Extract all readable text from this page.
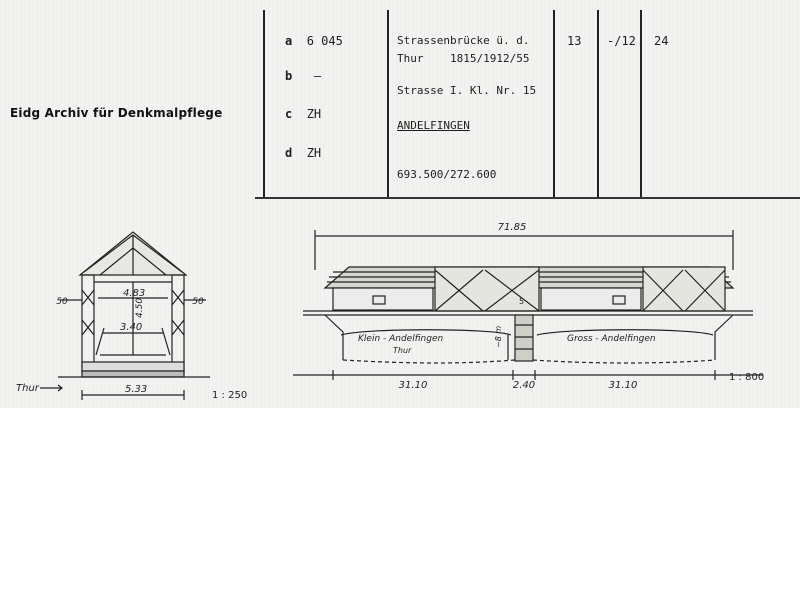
Eidg Archiv für Denkmalpflege
a 6 045
b —
c ZH
d ZH
Strassenbrücke ü. d.
Thur    1815/1912/55
Strasse I. Kl. Nr. 15
ANDELFINGEN
693.500/272.600
13 -/12 24
50	50
4.83
3.40
4.50
5.33
Thur
1 : 250
71.85
Klein - Andelfingen	Gross - Andelfingen
Thur
~8 m
5
31.10	2.40	31.10
1 : 800
